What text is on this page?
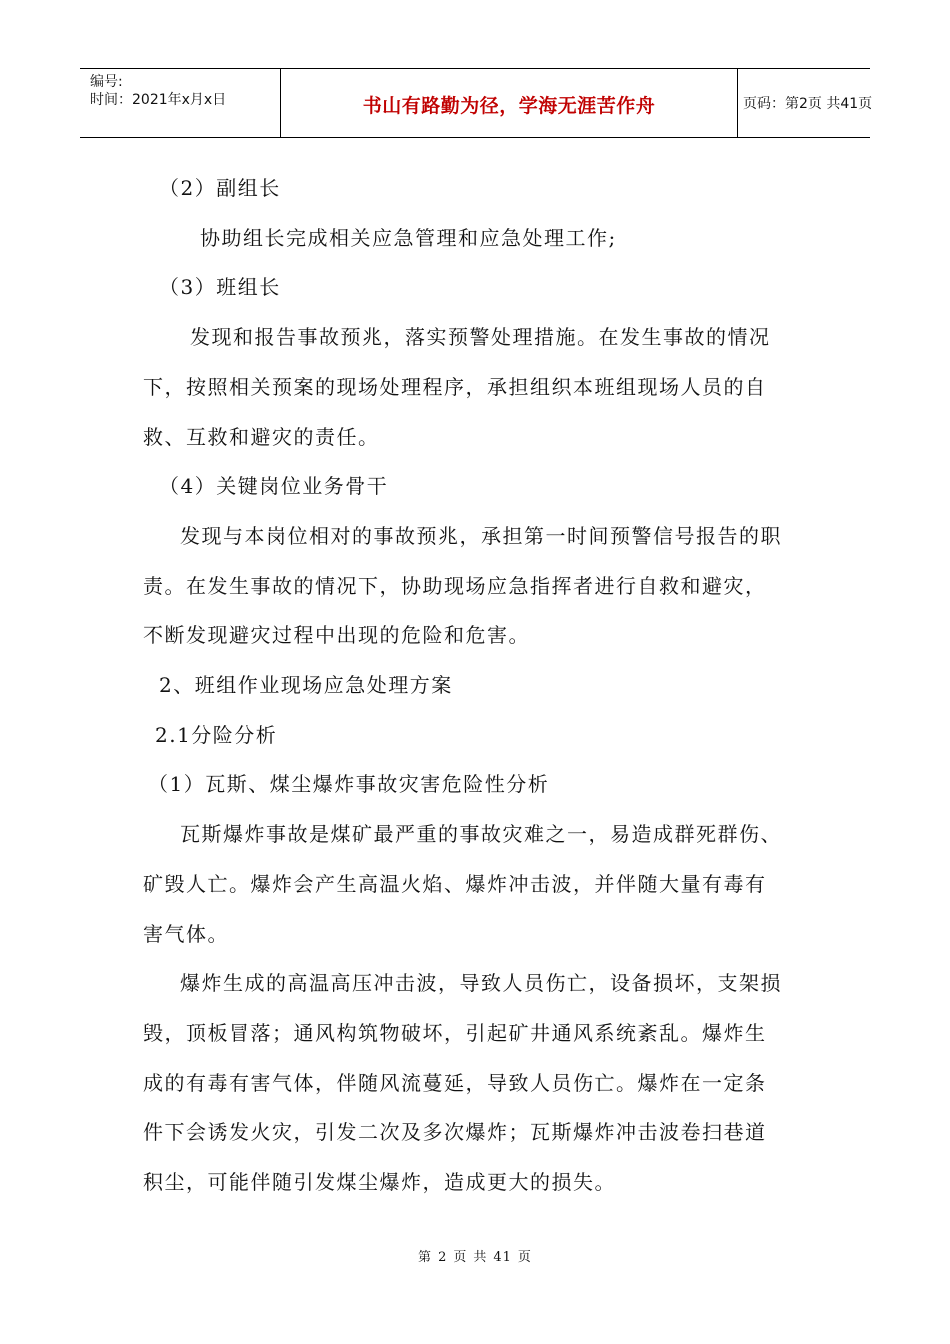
编号:
时间：2021年x月x日	书山有路勤为径，学海无涯苦作舟	页码：第2页 共41页
（2）副组长
协助组长完成相关应急管理和应急处理工作;
（3）班组长
发现和报告事故预兆，落实预警处理措施。在发生事故的情况
下，按照相关预案的现场处理程序，承担组织本班组现场人员的自
救、互救和避灾的责任。
（4）关键岗位业务骨干
发现与本岗位相对的事故预兆，承担第一时间预警信号报告的职
责。在发生事故的情况下，协助现场应急指挥者进行自救和避灾，
不断发现避灾过程中出现的危险和危害。
2、班组作业现场应急处理方案
2.1分险分析
（1）瓦斯、煤尘爆炸事故灾害危险性分析
瓦斯爆炸事故是煤矿最严重的事故灾难之一，易造成群死群伤、
矿毁人亡。爆炸会产生高温火焰、爆炸冲击波，并伴随大量有毒有
害气体。
爆炸生成的高温高压冲击波，导致人员伤亡，设备损坏，支架损
毁，顶板冒落；通风构筑物破坏，引起矿井通风系统紊乱。爆炸生
成的有毒有害气体，伴随风流蔓延，导致人员伤亡。爆炸在一定条
件下会诱发火灾，引发二次及多次爆炸；瓦斯爆炸冲击波卷扫巷道
积尘，可能伴随引发煤尘爆炸，造成更大的损失。
第 2 页 共 41 页
